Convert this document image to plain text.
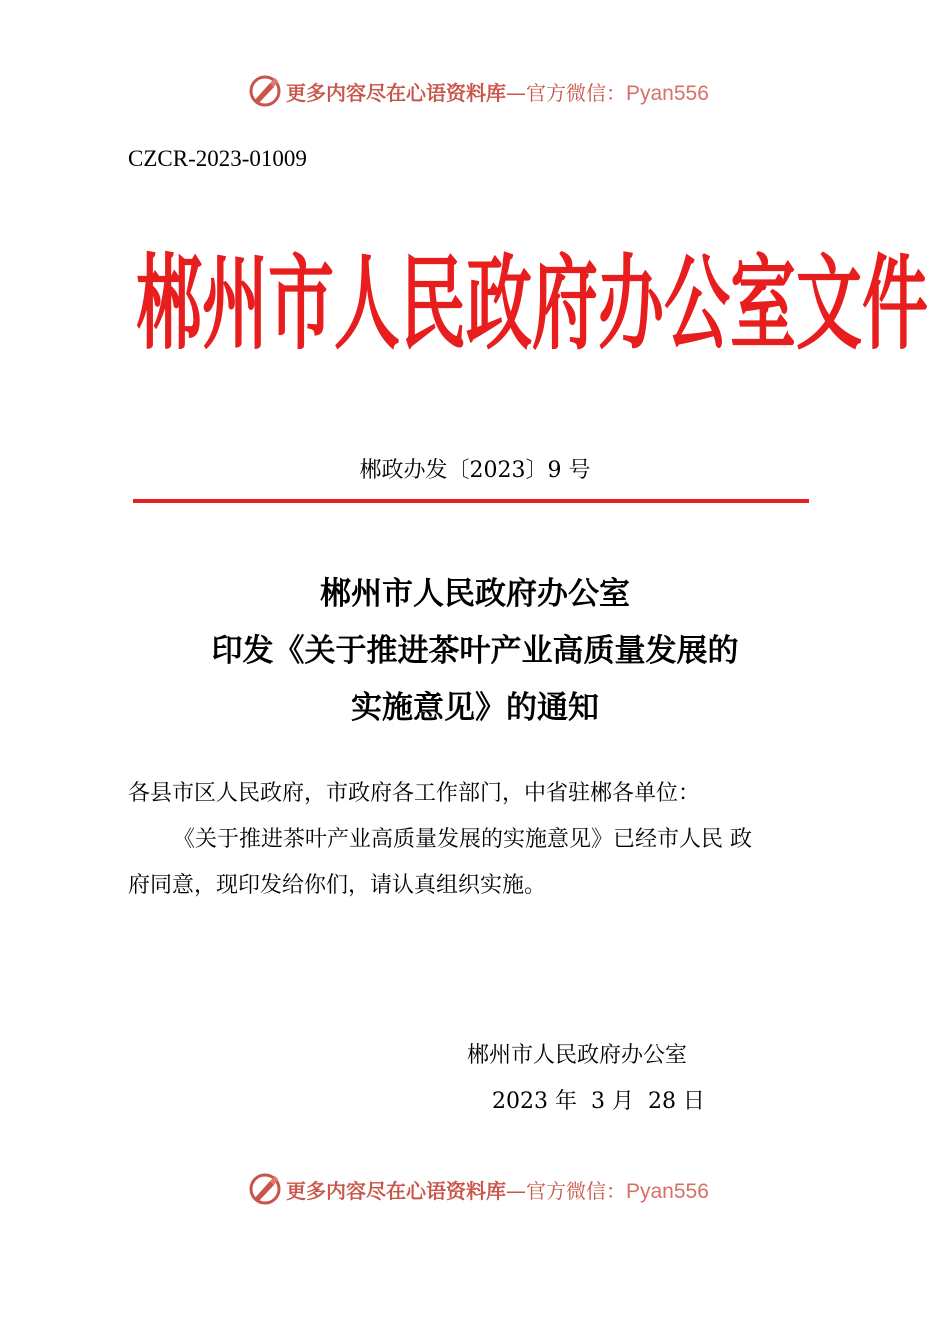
更多内容尽在心语资料库—官方微信：Pyan556
CZCR-2023-01009
郴州市人民政府办公室文件
郴政办发〔2023〕9 号
郴州市人民政府办公室
印发《关于推进茶叶产业高质量发展的
实施意见》的通知
各县市区人民政府，市政府各工作部门，中省驻郴各单位：
《关于推进茶叶产业高质量发展的实施意见》已经市人民 政
府同意，现印发给你们，请认真组织实施。
郴州市人民政府办公室
2023 年  3 月  28 日
更多内容尽在心语资料库—官方微信：Pyan556
